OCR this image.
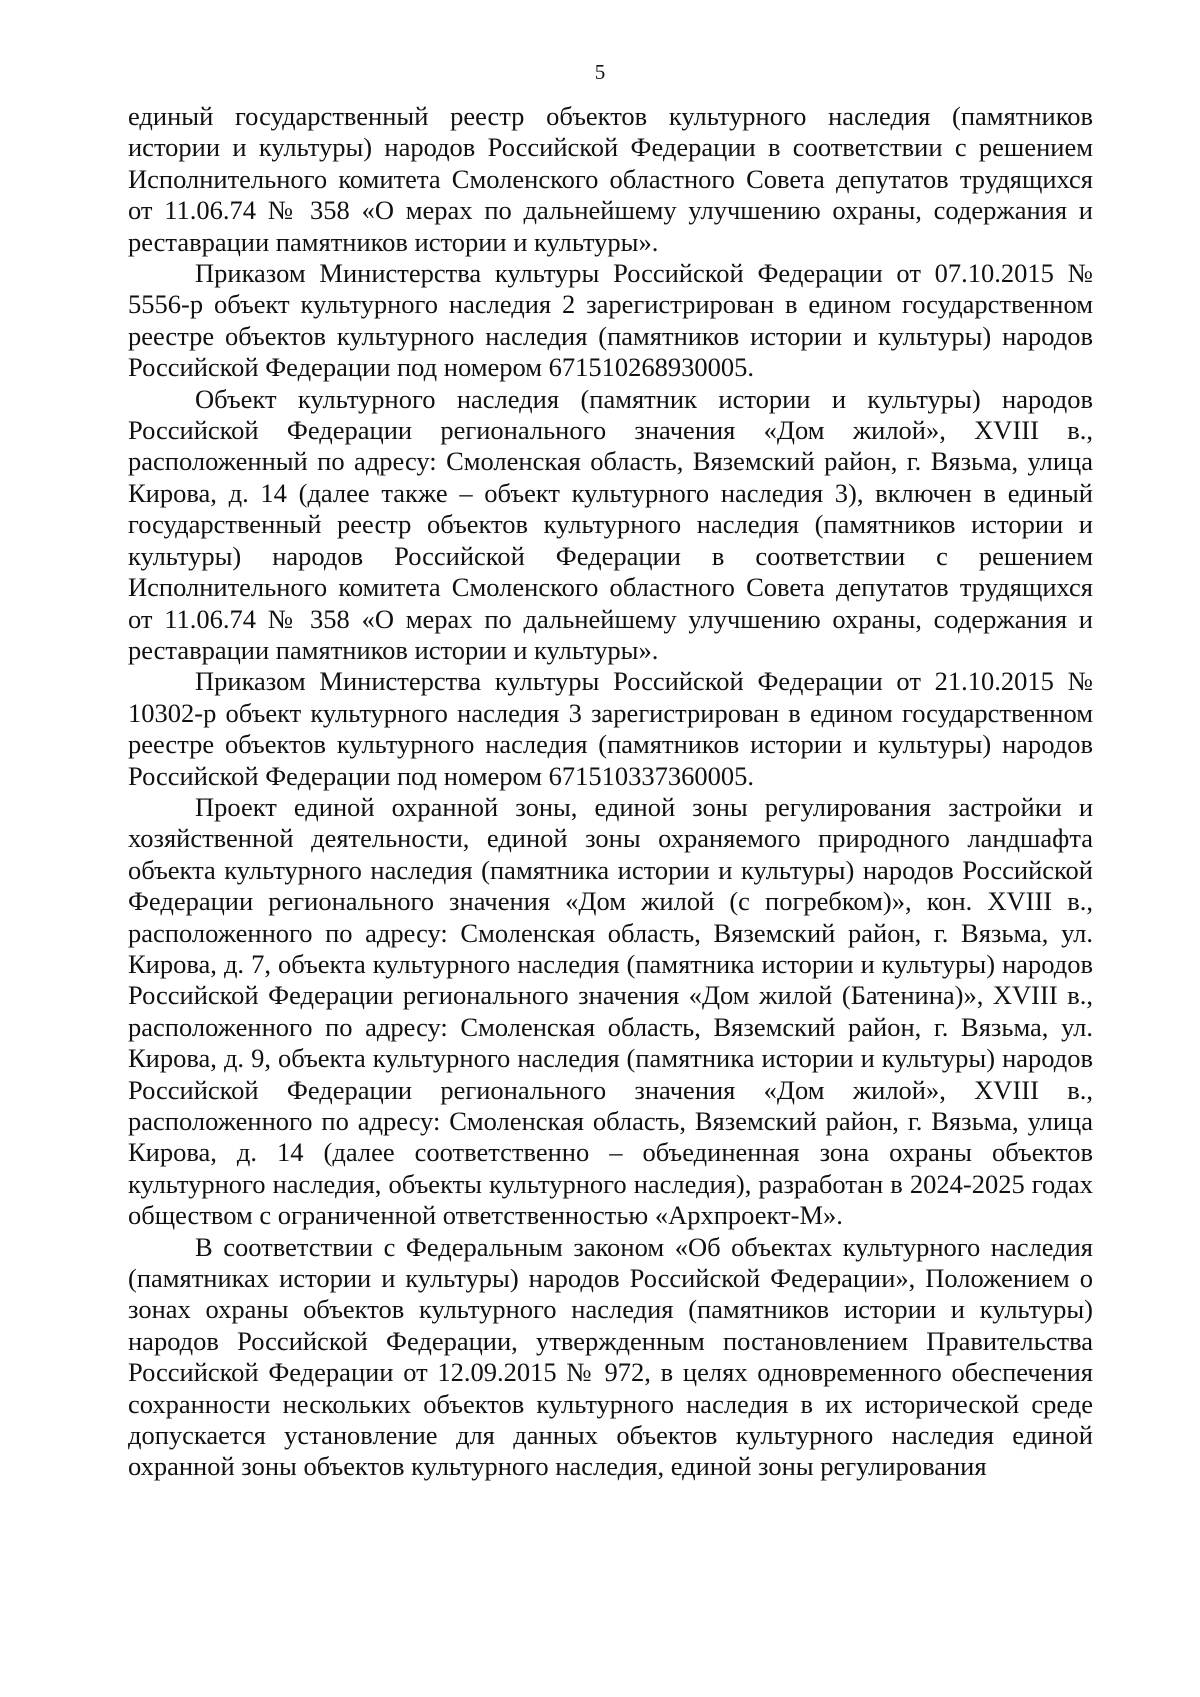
5

единый государственный реестр объектов культурного наследия (памятников истории и культуры) народов Российской Федерации в соответствии с решением Исполнительного комитета Смоленского областного Совета депутатов трудящихся от 11.06.74 № 358 «О мерах по дальнейшему улучшению охраны, содержания и реставрации памятников истории и культуры».

Приказом Министерства культуры Российской Федерации от 07.10.2015 № 5556-р объект культурного наследия 2 зарегистрирован в едином государственном реестре объектов культурного наследия (памятников истории и культуры) народов Российской Федерации под номером 671510268930005.

Объект культурного наследия (памятник истории и культуры) народов Российской Федерации регионального значения «Дом жилой», XVIII в., расположенный по адресу: Смоленская область, Вяземский район, г. Вязьма, улица Кирова, д. 14 (далее также – объект культурного наследия 3), включен в единый государственный реестр объектов культурного наследия (памятников истории и культуры) народов Российской Федерации в соответствии с решением Исполнительного комитета Смоленского областного Совета депутатов трудящихся от 11.06.74 № 358 «О мерах по дальнейшему улучшению охраны, содержания и реставрации памятников истории и культуры».

Приказом Министерства культуры Российской Федерации от 21.10.2015 № 10302-р объект культурного наследия 3 зарегистрирован в едином государственном реестре объектов культурного наследия (памятников истории и культуры) народов Российской Федерации под номером 671510337360005.

Проект единой охранной зоны, единой зоны регулирования застройки и хозяйственной деятельности, единой зоны охраняемого природного ландшафта объекта культурного наследия (памятника истории и культуры) народов Российской Федерации регионального значения «Дом жилой (с погребком)», кон. XVIII в., расположенного по адресу: Смоленская область, Вяземский район, г. Вязьма, ул. Кирова, д. 7, объекта культурного наследия (памятника истории и культуры) народов Российской Федерации регионального значения «Дом жилой (Батенина)», XVIII в., расположенного по адресу: Смоленская область, Вяземский район, г. Вязьма, ул. Кирова, д. 9, объекта культурного наследия (памятника истории и культуры) народов Российской Федерации регионального значения «Дом жилой», XVIII в., расположенного по адресу: Смоленская область, Вяземский район, г. Вязьма, улица Кирова, д. 14 (далее соответственно – объединенная зона охраны объектов культурного наследия, объекты культурного наследия), разработан в 2024-2025 годах обществом с ограниченной ответственностью «Архпроект-М».

В соответствии с Федеральным законом «Об объектах культурного наследия (памятниках истории и культуры) народов Российской Федерации», Положением о зонах охраны объектов культурного наследия (памятников истории и культуры) народов Российской Федерации, утвержденным постановлением Правительства Российской Федерации от 12.09.2015 № 972, в целях одновременного обеспечения сохранности нескольких объектов культурного наследия в их исторической среде допускается установление для данных объектов культурного наследия единой охранной зоны объектов культурного наследия, единой зоны регулирования
